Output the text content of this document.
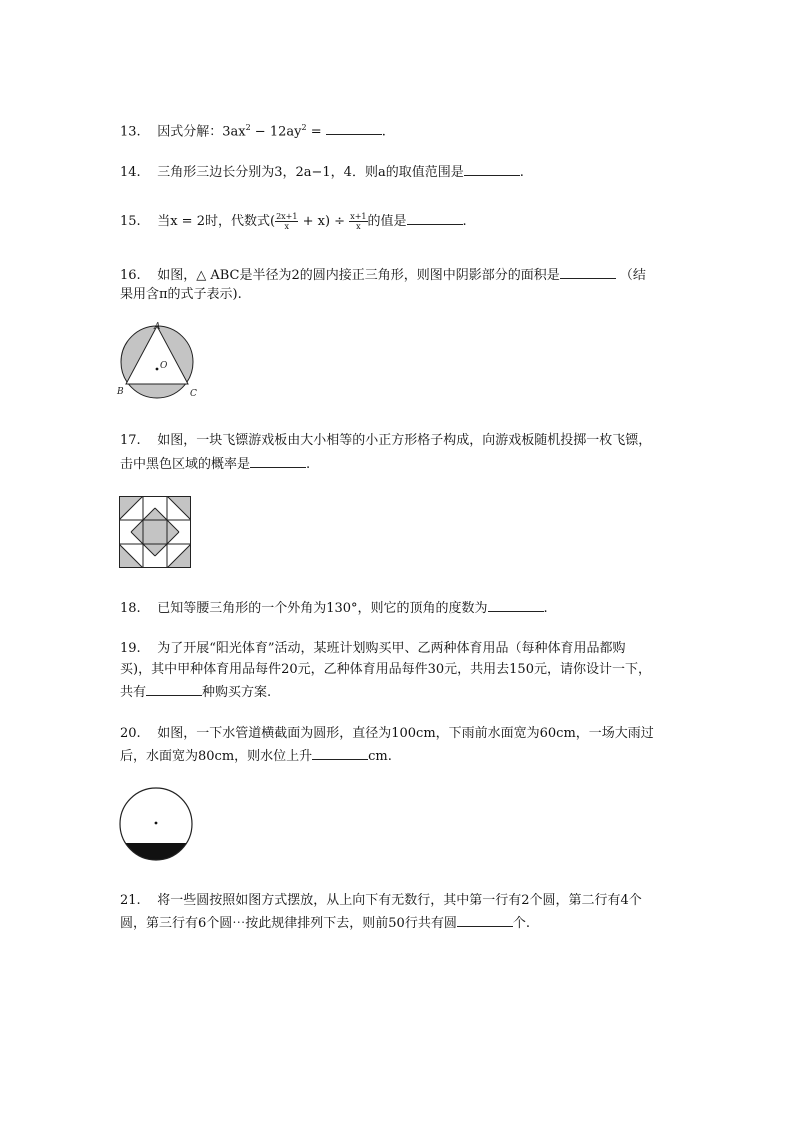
13. 因式分解：$3ax^2 - 12ay^2$ =	.
14. 三角形三边长分别为3，2a−1，4．则a的取值范围是	.
15. 当x = 2时，代数式( $\frac{2x+1}{x} + x) \div \frac{x+1}{x}$ 的值是	.
16. 如图，△ ABC是半径为2的圆内接正三角形，则图中阴影部分的面积是	（结
果用含π的式子表示).
A
B	C
O
17. 如图，一块飞镖游戏板由大小相等的小正方形格子构成，向游戏板随机投掷一枚飞镖，
击中黑色区域的概率是	.
18. 已知等腰三角形的一个外角为130°，则它的顶角的度数为	.
19. 为了开展“阳光体育”活动，某班计划购买甲、乙两种体育用品（每种体育用品都购
买)，其中甲种体育用品每件20元，乙种体育用品每件30元，共用去150元，请你设计一下，
共有	种购买方案.
20. 如图，一下水管道横截面为圆形，直径为100cm，下雨前水面宽为60cm，一场大雨过
后，水面宽为80cm，则水位上升	cm.
21. 将一些圆按照如图方式摆放，从上向下有无数行，其中第一行有2个圆，第二行有4个
圆，第三行有6个圆⋯按此规律排列下去，则前50行共有圆	个.
